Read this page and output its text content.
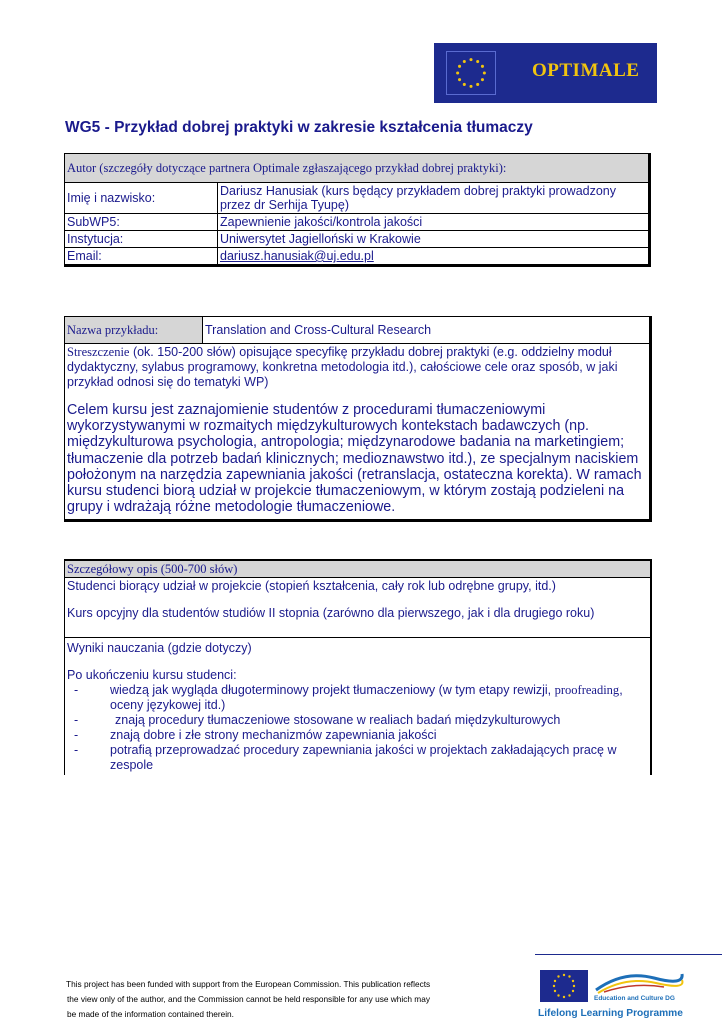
OPTIMALE
WG5 - Przykład dobrej praktyki w zakresie kształcenia tłumaczy
Autor (szczegóły dotyczące partnera Optimale zgłaszającego przykład dobrej praktyki):	
Imię i nazwisko:	Dariusz Hanusiak (kurs będący przykładem dobrej praktyki prowadzony przez dr Serhija Tyupę)
SubWP5:	Zapewnienie jakości/kontrola jakości
Instytucja:	Uniwersytet Jagielloński w Krakowie
Email:	dariusz.hanusiak@uj.edu.pl
Nazwa przykładu:	Translation and Cross-Cultural Research

Streszczenie (ok. 150-200 słów) opisujące specyfikę przykładu dobrej praktyki (e.g. oddzielny moduł dydaktyczny, sylabus programowy, konkretna metodologia itd.), całościowe cele oraz sposób, w jaki przykład odnosi się do tematyki WP)
Celem kursu jest zaznajomienie studentów z procedurami tłumaczeniowymi wykorzystywanymi w rozmaitych międzykulturowych kontekstach badawczych (np. międzykulturowa psychologia, antropologia; międzynarodowe badania na marketingiem; tłumaczenie dla potrzeb badań klinicznych; medioznawstwo itd.), ze specjalnym naciskiem położonym na narzędzia zapewniania jakości (retranslacja, ostateczna korekta). W ramach kursu studenci biorą udział w projekcie tłumaczeniowym, w którym zostają podzieleni na grupy i wdrażają różne metodologie tłumaczeniowe.
Szczegółowy opis (500-700 słów)

Studenci biorący udział w projekcie (stopień kształcenia, cały rok lub odrębne grupy, itd.)
Kurs opcyjny dla studentów studiów II stopnia (zarówno dla pierwszego, jak i dla drugiego roku)

Wyniki nauczania (gdzie dotyczy)
Po ukończeniu kursu studenci:
-	wiedzą jak wygląda długoterminowy projekt tłumaczeniowy (w tym etapy rewizji, proofreading, oceny językowej itd.)
-	znają procedury tłumaczeniowe stosowane w realiach badań międzykulturowych
-	znają dobre i złe strony mechanizmów zapewniania jakości
-	potrafią przeprowadzać procedury zapewniania jakości w projektach zakładających pracę w zespole
This project has been funded with support from the European Commission. This publication reflects
the view only of the author, and the Commission cannot be held responsible for any use which may
be made of the information contained therein.
Education and Culture DG
Lifelong Learning Programme
